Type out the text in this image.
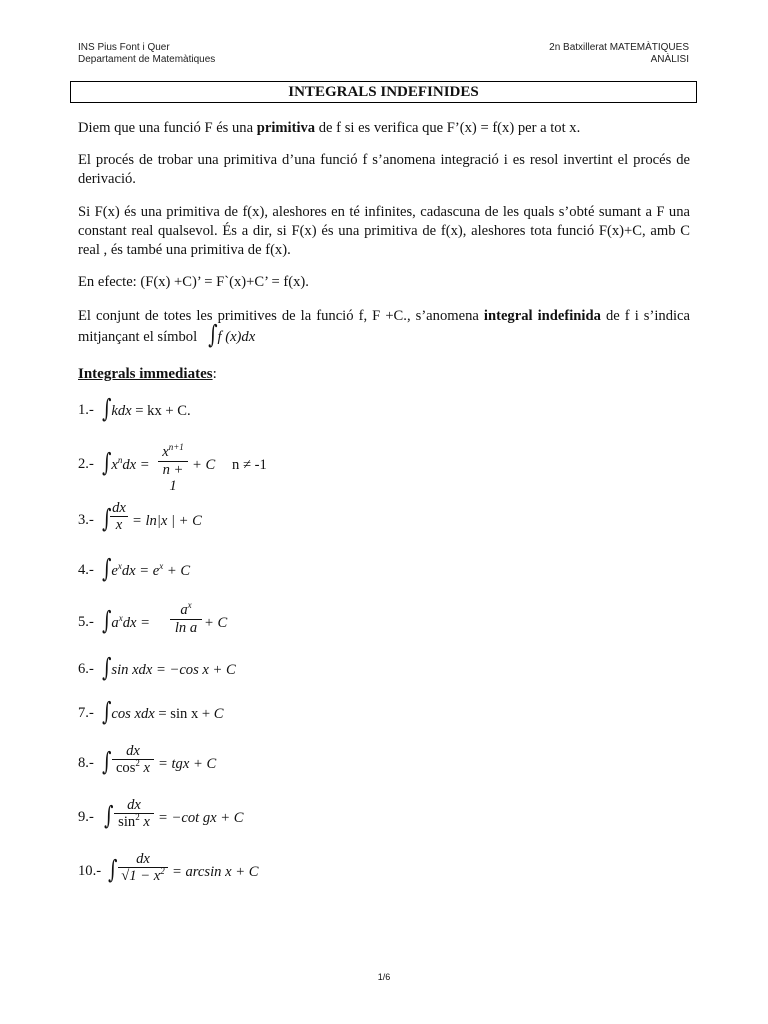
INS Pius Font i Quer
Departament de Matemàtiques
2n Batxillerat MATEMÀTIQUES
ANÀLISI
INTEGRALS INDEFINIDES
Diem que una funció F és una primitiva de f si es verifica que F’(x) = f(x) per a tot x.
El procés de trobar una primitiva d’una funció f s’anomena integració i es resol invertint el procés de derivació.
Si F(x) és una primitiva de f(x), aleshores en té infinites, cadascuna de les quals s’obté sumant a F una constant real qualsevol. És a dir, si F(x) és una primitiva de f(x), aleshores tota funció F(x)+C, amb C real , és també una primitiva de f(x).
En efecte: (F(x) +C)’ = F`(x)+C’ = f(x).
El conjunt de totes les primitives de la funció f, F +C., s’anomena integral indefinida de f i s’indica mitjançant el símbol   ∫f (x)dx
Integrals immediates:
1.- ∫kdx = kx + C.
2.- $\int x^ndx$ =
$x^{n+1}$
n + 1
+ C n ≠ -1
3.- ∫ dx
x = ln|x | + C
4.- $\int e^xdx = e^x + C$
5.- $\int a^xdx$ =
$a^x$
ln a + C
6.- ∫sin xdx = −cos x + C
7.- ∫cos xdx = sin x + C
8.- ∫	dx
$\cos^2 x$ = tgx + C
9.- ∫ dx
$\sin^2 x = -\cot$ gx + C
10.- ∫	dx
$√1 - x^2 = \arcsin x + C$
1/6
